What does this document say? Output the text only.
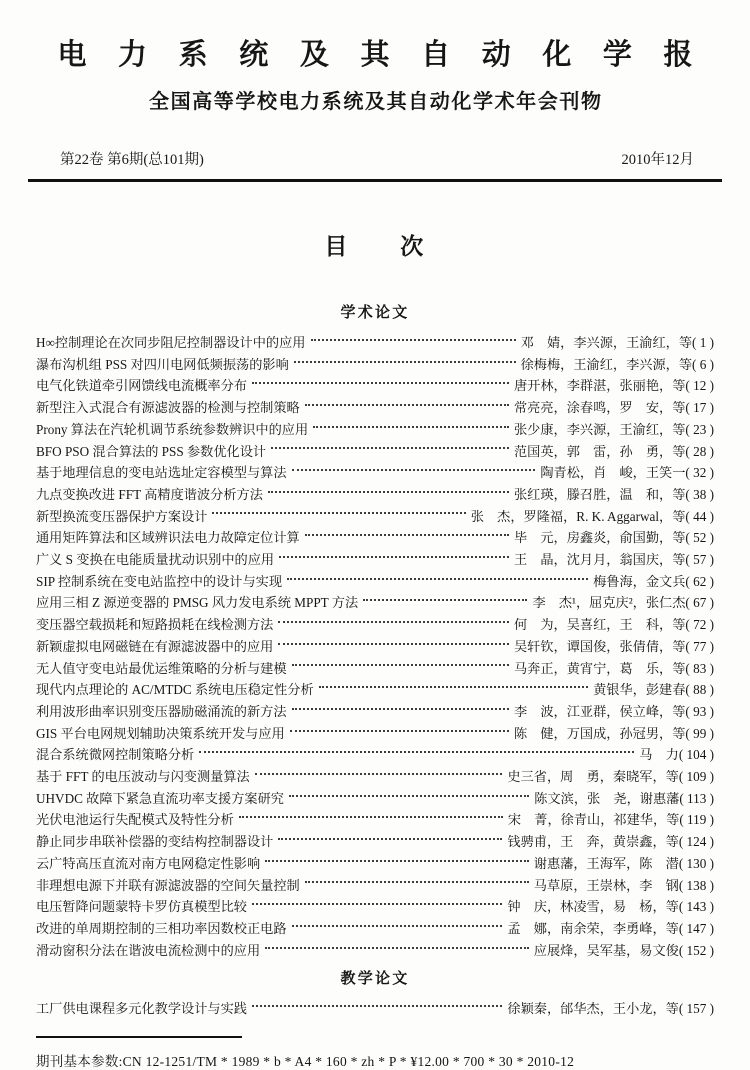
电 力 系 统 及 其 自 动 化 学 报
全国高等学校电力系统及其自动化学术年会刊物
第22卷 第6期(总101期)	2010年12月
目　　次
学术论文
H∞控制理论在次同步阻尼控制器设计中的应用	邓　婧，李兴源，王渝红，等( 1 )
瀑布沟机组 PSS 对四川电网低频振荡的影响	徐梅梅，王渝红，李兴源，等( 6 )
电气化铁道牵引网馈线电流概率分布	唐开林，李群湛，张丽艳，等( 12 )
新型注入式混合有源滤波器的检测与控制策略	常亮亮，涂春鸣，罗　安，等( 17 )
Prony 算法在汽轮机调节系统参数辨识中的应用	张少康，李兴源，王渝红，等( 23 )
BFO PSO 混合算法的 PSS 参数优化设计	范国英，郭　雷，孙　勇，等( 28 )
基于地理信息的变电站选址定容模型与算法	陶青松，肖　峻，王笑一( 32 )
九点变换改进 FFT 高精度谐波分析方法	张红瑛，滕召胜，温　和，等( 38 )
新型换流变压器保护方案设计	张　杰，罗隆福，R. K. Aggarwal，等( 44 )
通用矩阵算法和区域辨识法电力故障定位计算	毕　元，房鑫炎，俞国勤，等( 52 )
广义 S 变换在电能质量扰动识别中的应用	王　晶，沈月月，翁国庆，等( 57 )
SIP 控制系统在变电站监控中的设计与实现	梅鲁海，金文兵( 62 )
应用三相 Z 源逆变器的 PMSG 风力发电系统 MPPT 方法	李　杰¹，屈克庆²，张仁杰( 67 )
变压器空载损耗和短路损耗在线检测方法	何　为，吴喜红，王　科，等( 72 )
新颖虚拟电网磁链在有源滤波器中的应用	吴轩钦，谭国俊，张倩倩，等( 77 )
无人值守变电站最优运维策略的分析与建模	马奔正，黄宵宁，葛　乐，等( 83 )
现代内点理论的 AC/MTDC 系统电压稳定性分析	黄银华，彭建春( 88 )
利用波形曲率识别变压器励磁涌流的新方法	李　波，江亚群，侯立峰，等( 93 )
GIS 平台电网规划辅助决策系统开发与应用	陈　健，万国成，孙冠男，等( 99 )
混合系统微网控制策略分析	马　力( 104 )
基于 FFT 的电压波动与闪变测量算法	史三省，周　勇，秦晓军，等( 109 )
UHVDC 故障下紧急直流功率支援方案研究	陈文滨，张　尧，谢惠藩( 113 )
光伏电池运行失配模式及特性分析	宋　菁，徐青山，祁建华，等( 119 )
静止同步串联补偿器的变结构控制器设计	钱骋甫，王　奔，黄崇鑫，等( 124 )
云广特高压直流对南方电网稳定性影响	谢惠藩，王海军，陈　潜( 130 )
非理想电源下并联有源滤波器的空间矢量控制	马草原，王崇林，李　钢( 138 )
电压暂降问题蒙特卡罗仿真模型比较	钟　庆，林凌雪，易　杨，等( 143 )
改进的单周期控制的三相功率因数校正电路	孟　娜，南余荣，李勇峰，等( 147 )
滑动窗积分法在谐波电流检测中的应用	应展烽，吴军基，易文俊( 152 )
教学论文
工厂供电课程多元化教学设计与实践	徐颖秦，邰华杰，王小龙，等( 157 )
期刊基本参数:CN 12-1251/TM * 1989 * b * A4 * 160 * zh * P * ¥12.00 * 700 * 30 * 2010-12
